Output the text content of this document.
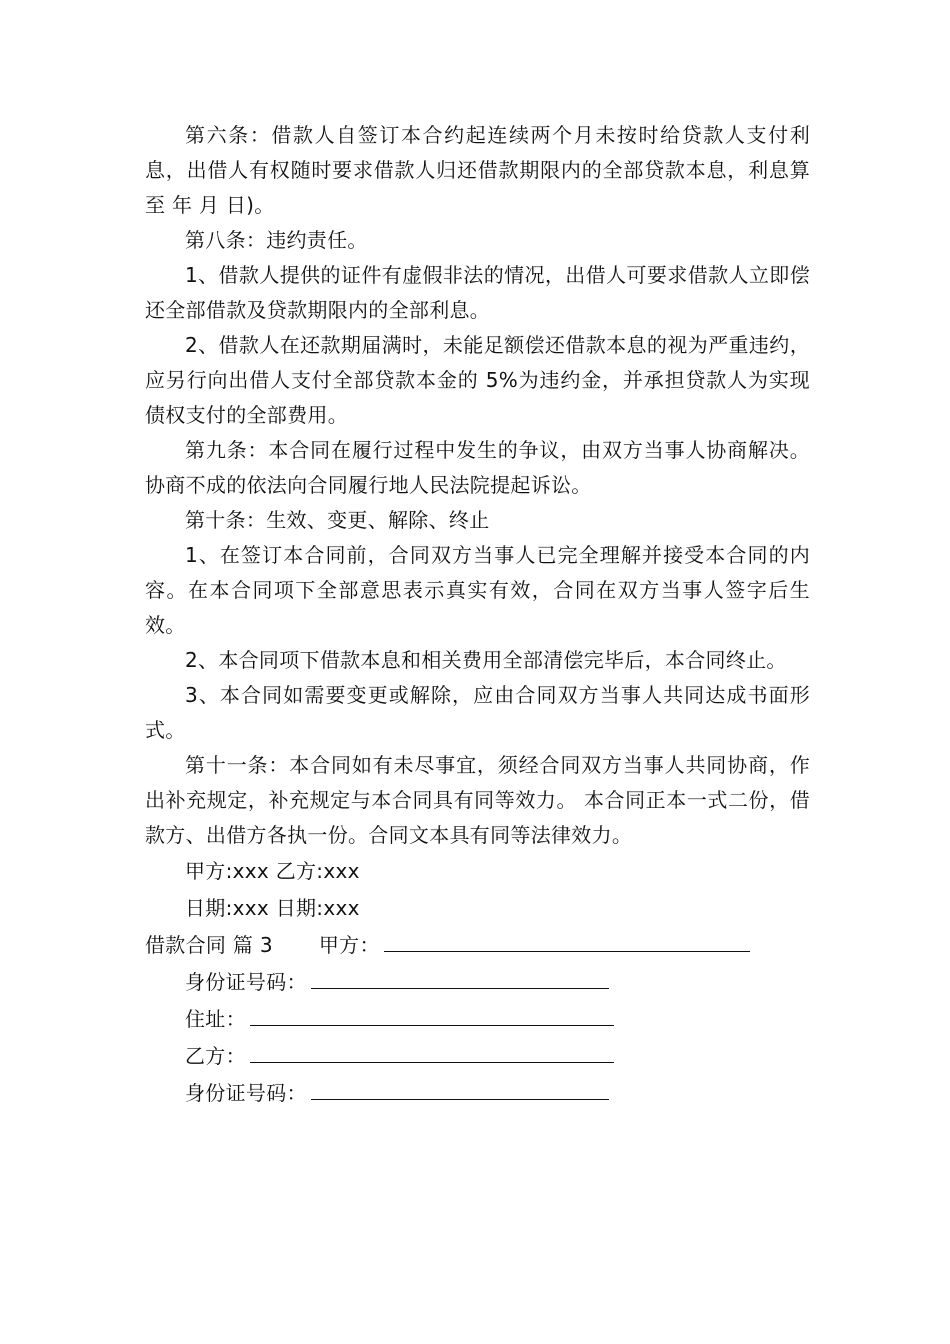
第六条：借款人自签订本合约起连续两个月未按时给贷款人支付利息，出借人有权随时要求借款人归还借款期限内的全部贷款本息，利息算至 年 月 日)。

第八条：违约责任。

1、借款人提供的证件有虚假非法的情况，出借人可要求借款人立即偿还全部借款及贷款期限内的全部利息。

2、借款人在还款期届满时，未能足额偿还借款本息的视为严重违约，应另行向出借人支付全部贷款本金的 5%为违约金，并承担贷款人为实现债权支付的全部费用。

第九条：本合同在履行过程中发生的争议，由双方当事人协商解决。协商不成的依法向合同履行地人民法院提起诉讼。

第十条：生效、变更、解除、终止

1、在签订本合同前，合同双方当事人已完全理解并接受本合同的内容。在本合同项下全部意思表示真实有效，合同在双方当事人签字后生效。

2、本合同项下借款本息和相关费用全部清偿完毕后，本合同终止。

3、本合同如需要变更或解除，应由合同双方当事人共同达成书面形式。

第十一条：本合同如有未尽事宜，须经合同双方当事人共同协商，作出补充规定，补充规定与本合同具有同等效力。 本合同正本一式二份，借款方、出借方各执一份。合同文本具有同等法律效力。

甲方:xxx 乙方:xxx

日期:xxx 日期:xxx

借款合同 篇 3 甲方：

身份证号码：

住址：

乙方：

身份证号码：
